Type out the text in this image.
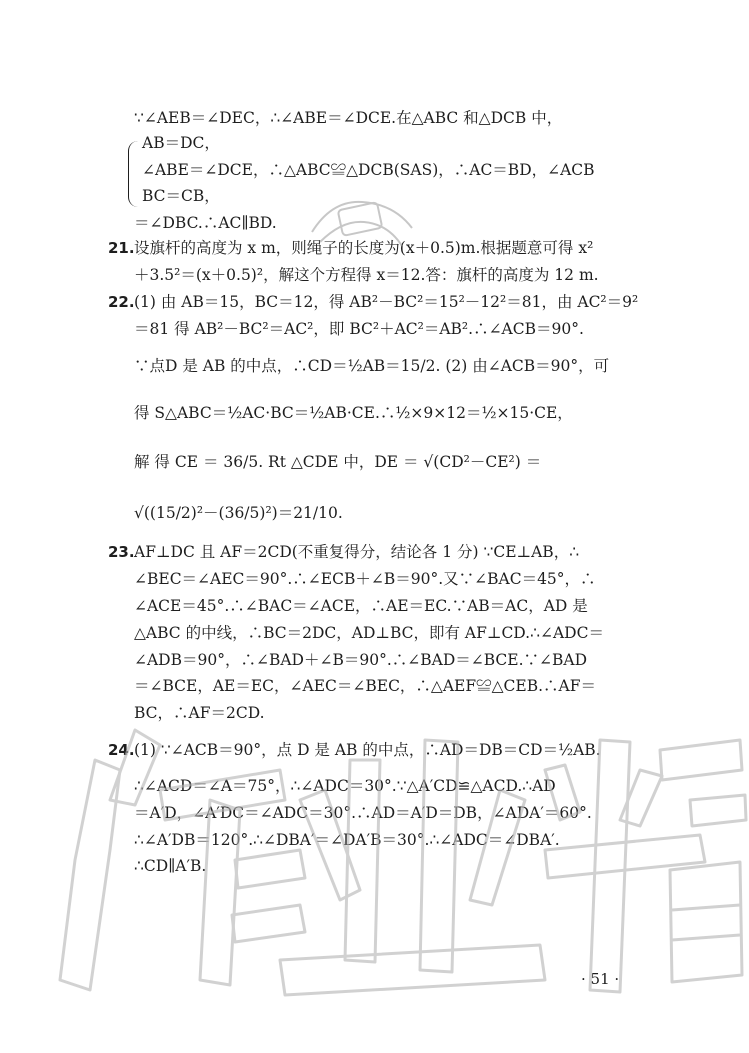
∵∠AEB＝∠DEC，∴∠ABE＝∠DCE.在△ABC 和△DCB 中，
AB＝DC，
∠ABE＝∠DCE，∴△ABC≌△DCB(SAS)，∴AC＝BD，∠ACB
BC＝CB，
＝∠DBC.∴AC∥BD.
21. 设旗杆的高度为 x m，则绳子的长度为(x＋0.5)m.根据题意可得 x²
＋3.5²＝(x＋0.5)²，解这个方程得 x＝12.答：旗杆的高度为 12 m.
22. (1) 由 AB＝15，BC＝12，得 AB²－BC²＝15²－12²＝81，由 AC²＝9²
＝81 得 AB²－BC²＝AC²，即 BC²＋AC²＝AB².∴∠ACB＝90°.
∵点D 是 AB 的中点，∴CD＝½AB＝15/2. (2) 由∠ACB＝90°，可
得 S△ABC＝½AC·BC＝½AB·CE.∴½×9×12＝½×15·CE，
解 得 CE ＝ 36/5. Rt △CDE 中，DE ＝ √(CD²－CE²) ＝
√((15/2)²－(36/5)²)＝21/10.
23. AF⊥DC 且 AF＝2CD(不重复得分，结论各 1 分) ∵CE⊥AB，∴
∠BEC＝∠AEC＝90°.∴∠ECB＋∠B＝90°.又∵∠BAC＝45°，∴
∠ACE＝45°.∴∠BAC＝∠ACE，∴AE＝EC.∵AB＝AC，AD 是
△ABC 的中线，∴BC＝2DC，AD⊥BC，即有 AF⊥CD.∴∠ADC＝
∠ADB＝90°，∴∠BAD＋∠B＝90°.∴∠BAD＝∠BCE.∵∠BAD
＝∠BCE，AE＝EC，∠AEC＝∠BEC，∴△AEF≌△CEB.∴AF＝
BC，∴AF＝2CD.
24. (1) ∵∠ACB＝90°，点 D 是 AB 的中点，∴AD＝DB＝CD＝½AB.
∴∠ACD＝∠A＝75°，∴∠ADC＝30°.∵△A′CD≌△ACD.∴AD
＝A′D，∠A′DC＝∠ADC＝30°.∴AD＝A′D＝DB，∠ADA′＝60°.
∴∠A′DB＝120°.∴∠DBA′＝∠DA′B＝30°.∴∠ADC＝∠DBA′.
∴CD∥A′B.
· 51 ·
